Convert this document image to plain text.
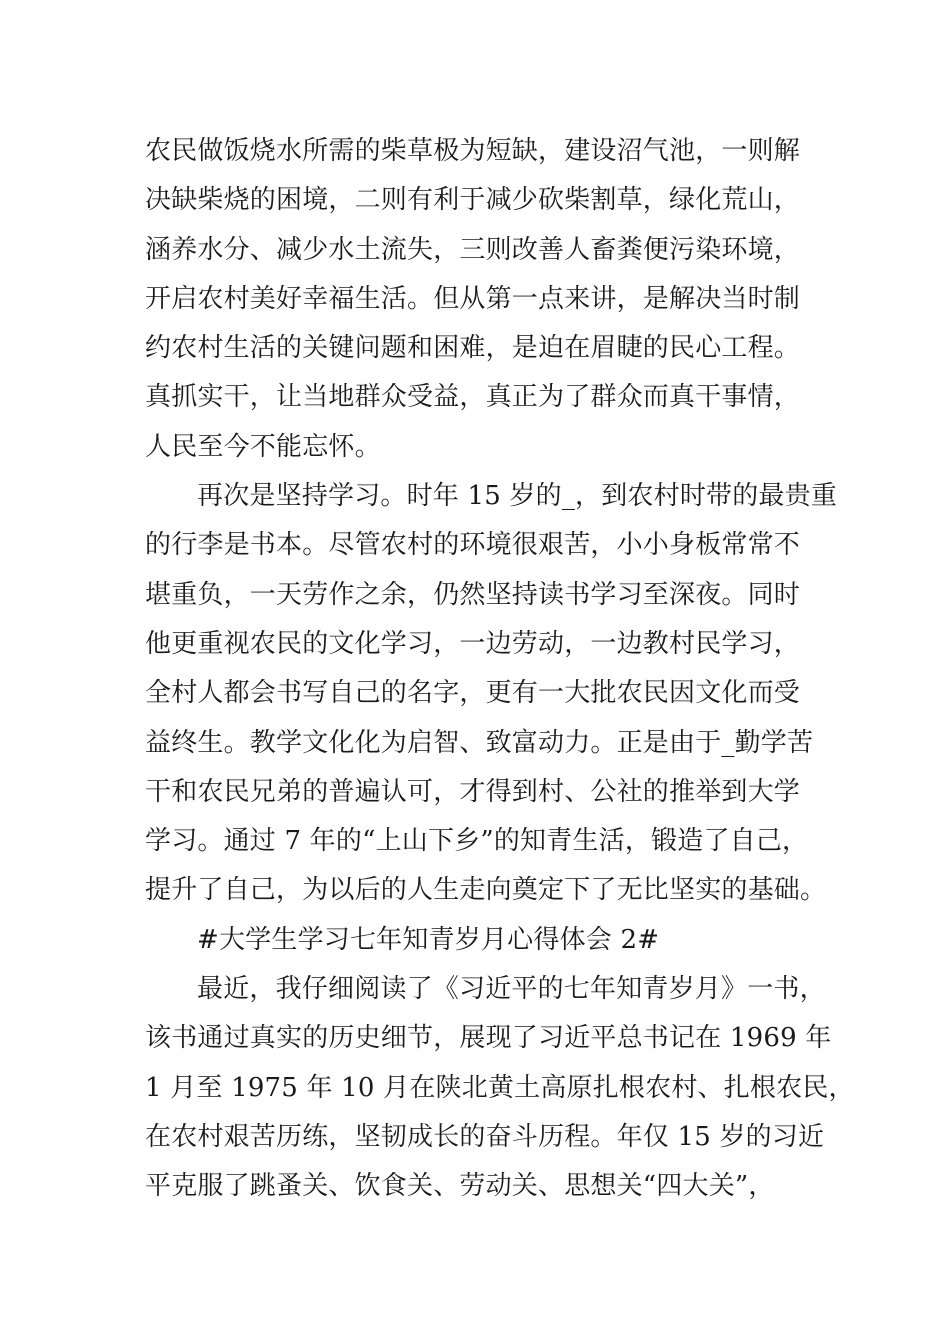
农民做饭烧水所需的柴草极为短缺，建设沼气池，一则解
决缺柴烧的困境，二则有利于减少砍柴割草，绿化荒山，
涵养水分、减少水土流失，三则改善人畜粪便污染环境，
开启农村美好幸福生活。但从第一点来讲，是解决当时制
约农村生活的关键问题和困难，是迫在眉睫的民心工程。
真抓实干，让当地群众受益，真正为了群众而真干事情，
人民至今不能忘怀。
再次是坚持学习。时年 15 岁的_，到农村时带的最贵重
的行李是书本。尽管农村的环境很艰苦，小小身板常常不
堪重负，一天劳作之余，仍然坚持读书学习至深夜。同时
他更重视农民的文化学习，一边劳动，一边教村民学习，
全村人都会书写自己的名字，更有一大批农民因文化而受
益终生。教学文化化为启智、致富动力。正是由于_勤学苦
干和农民兄弟的普遍认可，才得到村、公社的推举到大学
学习。通过 7 年的“上山下乡”的知青生活，锻造了自己，
提升了自己，为以后的人生走向奠定下了无比坚实的基础。
#大学生学习七年知青岁月心得体会 2#
最近，我仔细阅读了《习近平的七年知青岁月》一书，
该书通过真实的历史细节，展现了习近平总书记在 1969 年
1 月至 1975 年 10 月在陕北黄土高原扎根农村、扎根农民，
在农村艰苦历练，坚韧成长的奋斗历程。年仅 15 岁的习近
平克服了跳蚤关、饮食关、劳动关、思想关“四大关”，
